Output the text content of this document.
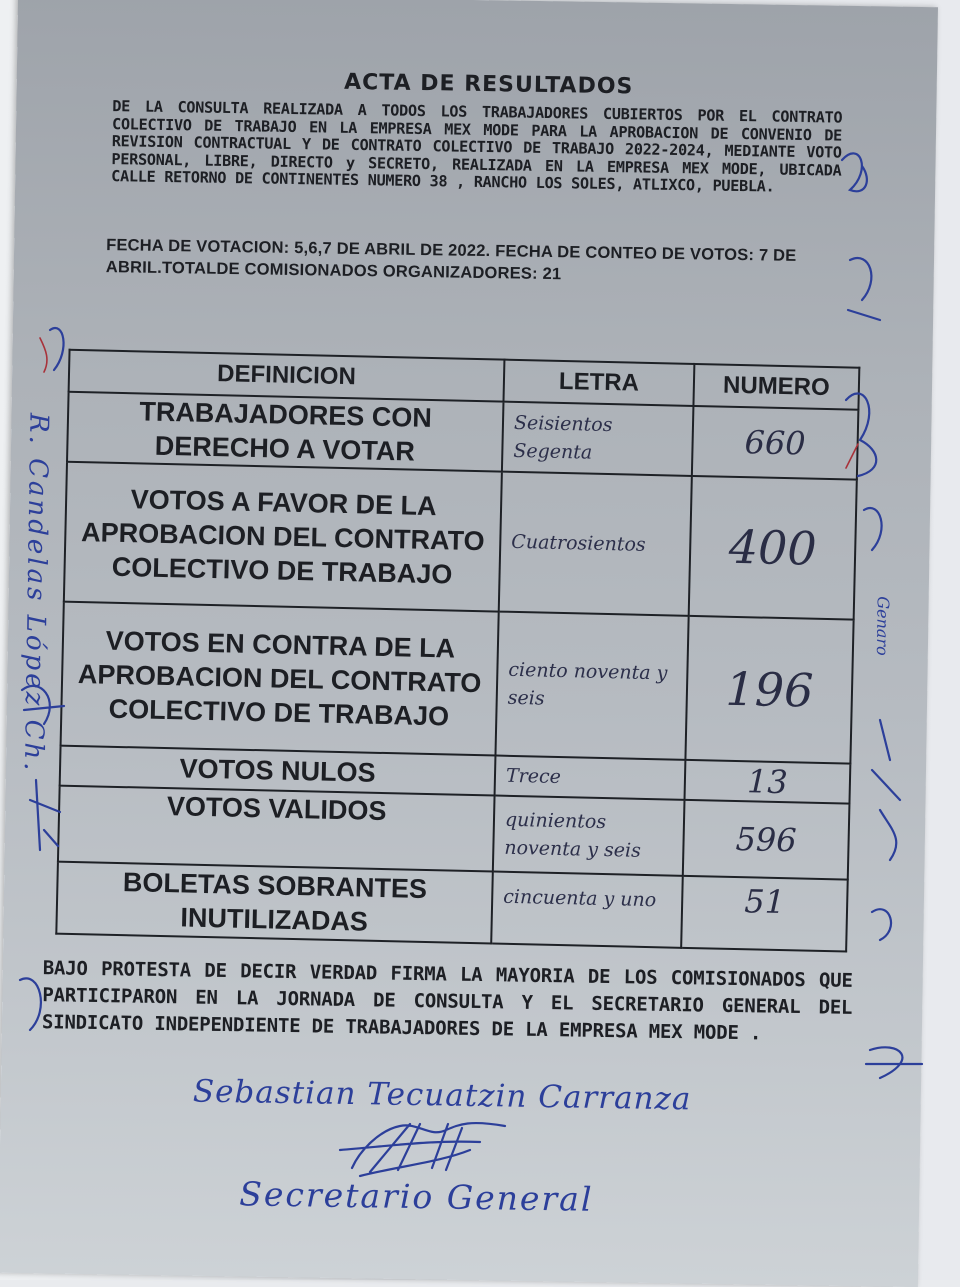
ACTA DE RESULTADOS
DE LA CONSULTA REALIZADA A TODOS LOS TRABAJADORES CUBIERTOS POR EL CONTRATO COLECTIVO DE TRABAJO EN LA EMPRESA MEX MODE PARA LA APROBACION DE CONVENIO DE REVISION CONTRACTUAL Y DE CONTRATO COLECTIVO DE TRABAJO 2022-2024, MEDIANTE VOTO PERSONAL, LIBRE, DIRECTO y SECRETO, REALIZADA EN LA EMPRESA MEX MODE, UBICADA CALLE RETORNO DE CONTINENTES NUMERO 38 , RANCHO LOS SOLES, ATLIXCO, PUEBLA.
FECHA DE VOTACION: 5,6,7 DE ABRIL DE 2022. FECHA DE CONTEO DE VOTOS: 7 DE ABRIL.TOTALDE COMISIONADOS ORGANIZADORES: 21
DEFINICION	LETRA	NUMERO
TRABAJADORES CON DERECHO A VOTAR	Seisientos Segenta	660
VOTOS A FAVOR DE LA APROBACION DEL CONTRATO COLECTIVO DE TRABAJO	Cuatrosientos	400
VOTOS EN CONTRA DE LA APROBACION DEL CONTRATO COLECTIVO DE TRABAJO	ciento noventa y seis	196
VOTOS NULOS	Trece	13
VOTOS VALIDOS	quinientos noventa y seis	596
BOLETAS SOBRANTES INUTILIZADAS	cincuenta y uno	51
BAJO PROTESTA DE DECIR VERDAD FIRMA LA MAYORIA DE LOS COMISIONADOS QUE PARTICIPARON EN LA JORNADA DE CONSULTA Y EL SECRETARIO GENERAL DEL SINDICATO INDEPENDIENTE DE TRABAJADORES DE LA EMPRESA MEX MODE .
Sebastian Tecuatzin Carranza
Secretario General
R. Candelas López Ch.	Genaro
